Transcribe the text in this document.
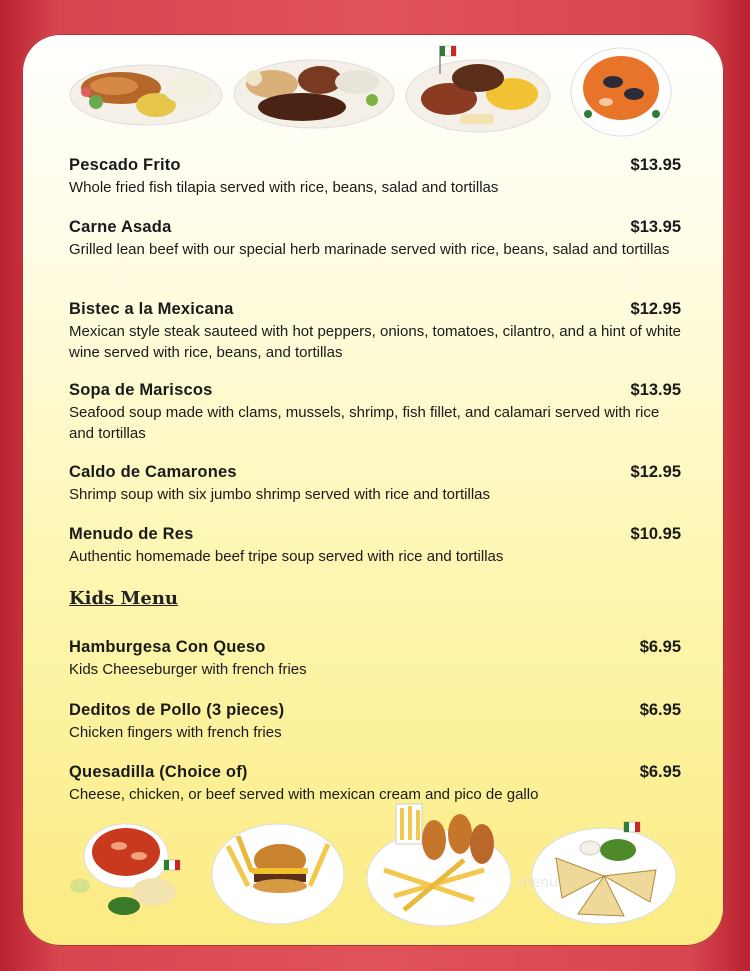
Pescado Frito	$13.95
Whole fried fish tilapia served with rice, beans, salad and tortillas
Carne Asada	$13.95
Grilled lean beef with our special herb marinade served with rice, beans, salad and tortillas
Bistec a la Mexicana	$12.95
Mexican style steak sauteed with hot peppers, onions, tomatoes, cilantro, and a hint of white wine served with rice, beans, and tortillas
Sopa de Mariscos	$13.95
Seafood soup made with clams, mussels, shrimp, fish fillet, and calamari served with rice and tortillas
Caldo de Camarones	$12.95
Shrimp soup with six jumbo shrimp served with rice and tortillas
Menudo de Res	$10.95
Authentic homemade beef tripe soup served with rice and tortillas
Kids Menu
Hamburgesa Con Queso	$6.95
Kids Cheeseburger with french fries
Deditos de Pollo (3 pieces)	$6.95
Chicken fingers with french fries
Quesadilla (Choice of)	$6.95
Cheese, chicken, or beef served with mexican cream and pico de gallo
menu
